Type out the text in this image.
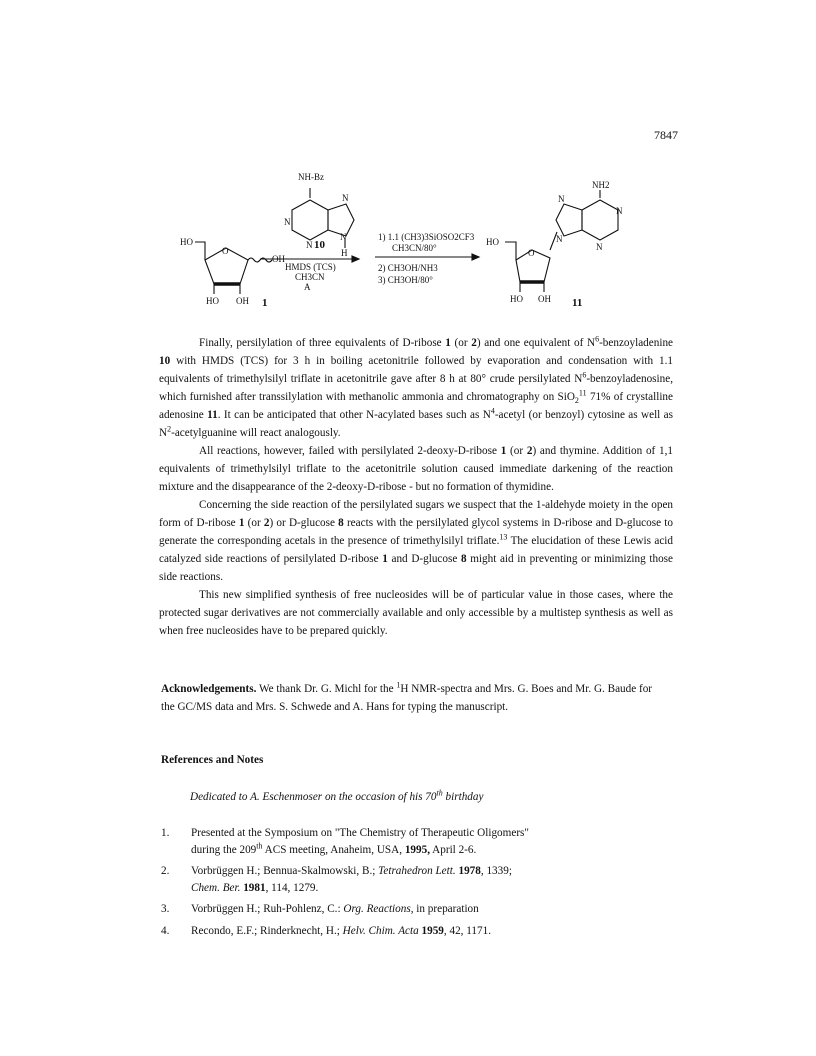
7847
NH-Bz
N
N
N
N
H
HO
O
OH
HO OH
NH2
N
N
N
N
HO
O
HO OH
HMDS (TCS)
CH3CN
A
1) 1.1 (CH3)3SiOSO2CF3
CH3CN/80°
2) CH3OH/NH3
3) CH3OH/80°
10
1	11

Finally, persilylation of three equivalents of D-ribose 1 (or 2) and one equivalent of $N^6$-benzoyladenine 10 with HMDS (TCS) for 3 h in boiling acetonitrile followed by evaporation and condensation with 1.1 equivalents of trimethylsilyl triflate in acetonitrile gave after 8 h at 80° crude persilylated $N^6$-benzoyladenosine, which furnished after transsilylation with methanolic ammonia and chromatography on SiO$_2^{11}$ 71% of crystalline adenosine 11. It can be anticipated that other N-acylated bases such as $N^4$-acetyl (or benzoyl) cytosine as well as $N^2$-acetylguanine will react analogously.

All reactions, however, failed with persilylated 2-deoxy-D-ribose 1 (or 2) and thymine. Addition of 1,1 equivalents of trimethylsilyl triflate to the acetonitrile solution caused immediate darkening of the reaction mixture and the disappearance of the 2-deoxy-D-ribose - but no formation of thymidine.

Concerning the side reaction of the persilylated sugars we suspect that the 1-aldehyde moiety in the open form of D-ribose 1 (or 2) or D-glucose 8 reacts with the persilylated glycol systems in D-ribose and D-glucose to generate the corresponding acetals in the presence of trimethylsilyl triflate.$^{13}$ The elucidation of these Lewis acid catalyzed side reactions of persilylated D-ribose 1 and D-glucose 8 might aid in preventing or minimizing those side reactions.

This new simplified synthesis of free nucleosides will be of particular value in those cases, where the protected sugar derivatives are not commercially available and only accessible by a multistep synthesis as well as when free nucleosides have to be prepared quickly.

Acknowledgements. We thank Dr. G. Michl for the $^1$H NMR-spectra and Mrs. G. Boes and Mr. G. Baude for the GC/MS data and Mrs. S. Schwede and A. Hans for typing the manuscript.
References and Notes
Dedicated to A. Eschenmoser on the occasion of his 70th birthday
1. Presented at the Symposium on "The Chemistry of Therapeutic Oligomers"
during the 209th ACS meeting, Anaheim, USA, 1995, April 2-6.
2. Vorbrüggen H.; Bennua-Skalmowski, B.; Tetrahedron Lett. 1978, 1339;
Chem. Ber. 1981, 114, 1279.
3. Vorbrüggen H.; Ruh-Pohlenz, C.: Org. Reactions, in preparation
4. Recondo, E.F.; Rinderknecht, H.; Helv. Chim. Acta 1959, 42, 1171.
